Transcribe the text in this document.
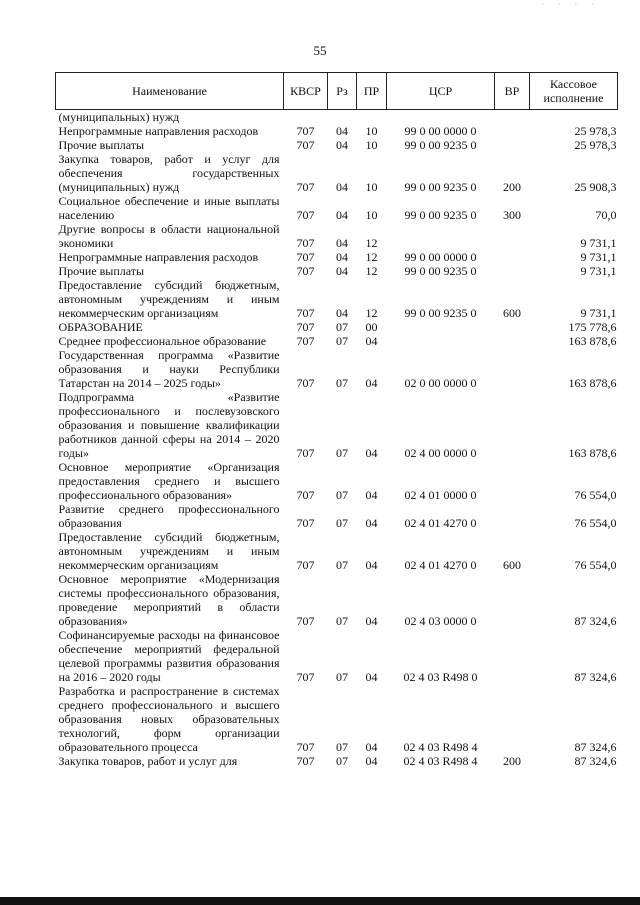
· · · ·
55
Наименование	КВСР	Рз	ПР	ЦСР	ВР	Кассовое исполнение
(муниципальных) нужд						
Непрограммные направления расходов	707	04	10	99 0 00 0000 0		25 978,3
Прочие выплаты	707	04	10	99 0 00 9235 0		25 978,3
Закупка товаров, работ и услуг для обеспечения государственных (муниципальных) нужд	707	04	10	99 0 00 9235 0	200	25 908,3
Социальное обеспечение и иные выплаты населению	707	04	10	99 0 00 9235 0	300	70,0
Другие вопросы в области национальной экономики	707	04	12			9 731,1
Непрограммные направления расходов	707	04	12	99 0 00 0000 0		9 731,1
Прочие выплаты	707	04	12	99 0 00 9235 0		9 731,1
Предоставление субсидий бюджетным, автономным учреждениям и иным некоммерческим организациям	707	04	12	99 0 00 9235 0	600	9 731,1
ОБРАЗОВАНИЕ	707	07	00			175 778,6
Среднее профессиональное образование	707	07	04			163 878,6
Государственная программа «Развитие образования и науки Республики Татарстан на 2014 – 2025 годы»	707	07	04	02 0 00 0000 0		163 878,6
Подпрограмма «Развитие профессионального и послевузовского образования и повышение квалификации работников данной сферы на 2014 – 2020 годы»	707	07	04	02 4 00 0000 0		163 878,6
Основное мероприятие «Организация предоставления среднего и высшего профессионального образования»	707	07	04	02 4 01 0000 0		76 554,0
Развитие среднего профессионального образования	707	07	04	02 4 01 4270 0		76 554,0
Предоставление субсидий бюджетным, автономным учреждениям и иным некоммерческим организациям	707	07	04	02 4 01 4270 0	600	76 554,0
Основное мероприятие «Модернизация системы профессионального образования, проведение мероприятий в области образования»	707	07	04	02 4 03 0000 0		87 324,6
Софинансируемые расходы на финансовое обеспечение мероприятий федеральной целевой программы развития образования на 2016 – 2020 годы	707	07	04	02 4 03 R498 0		87 324,6
Разработка и распространение в системах среднего профессионального и высшего образования новых образовательных технологий, форм организации образовательного процесса	707	07	04	02 4 03 R498 4		87 324,6
Закупка товаров, работ и услуг для	707	07	04	02 4 03 R498 4	200	87 324,6
